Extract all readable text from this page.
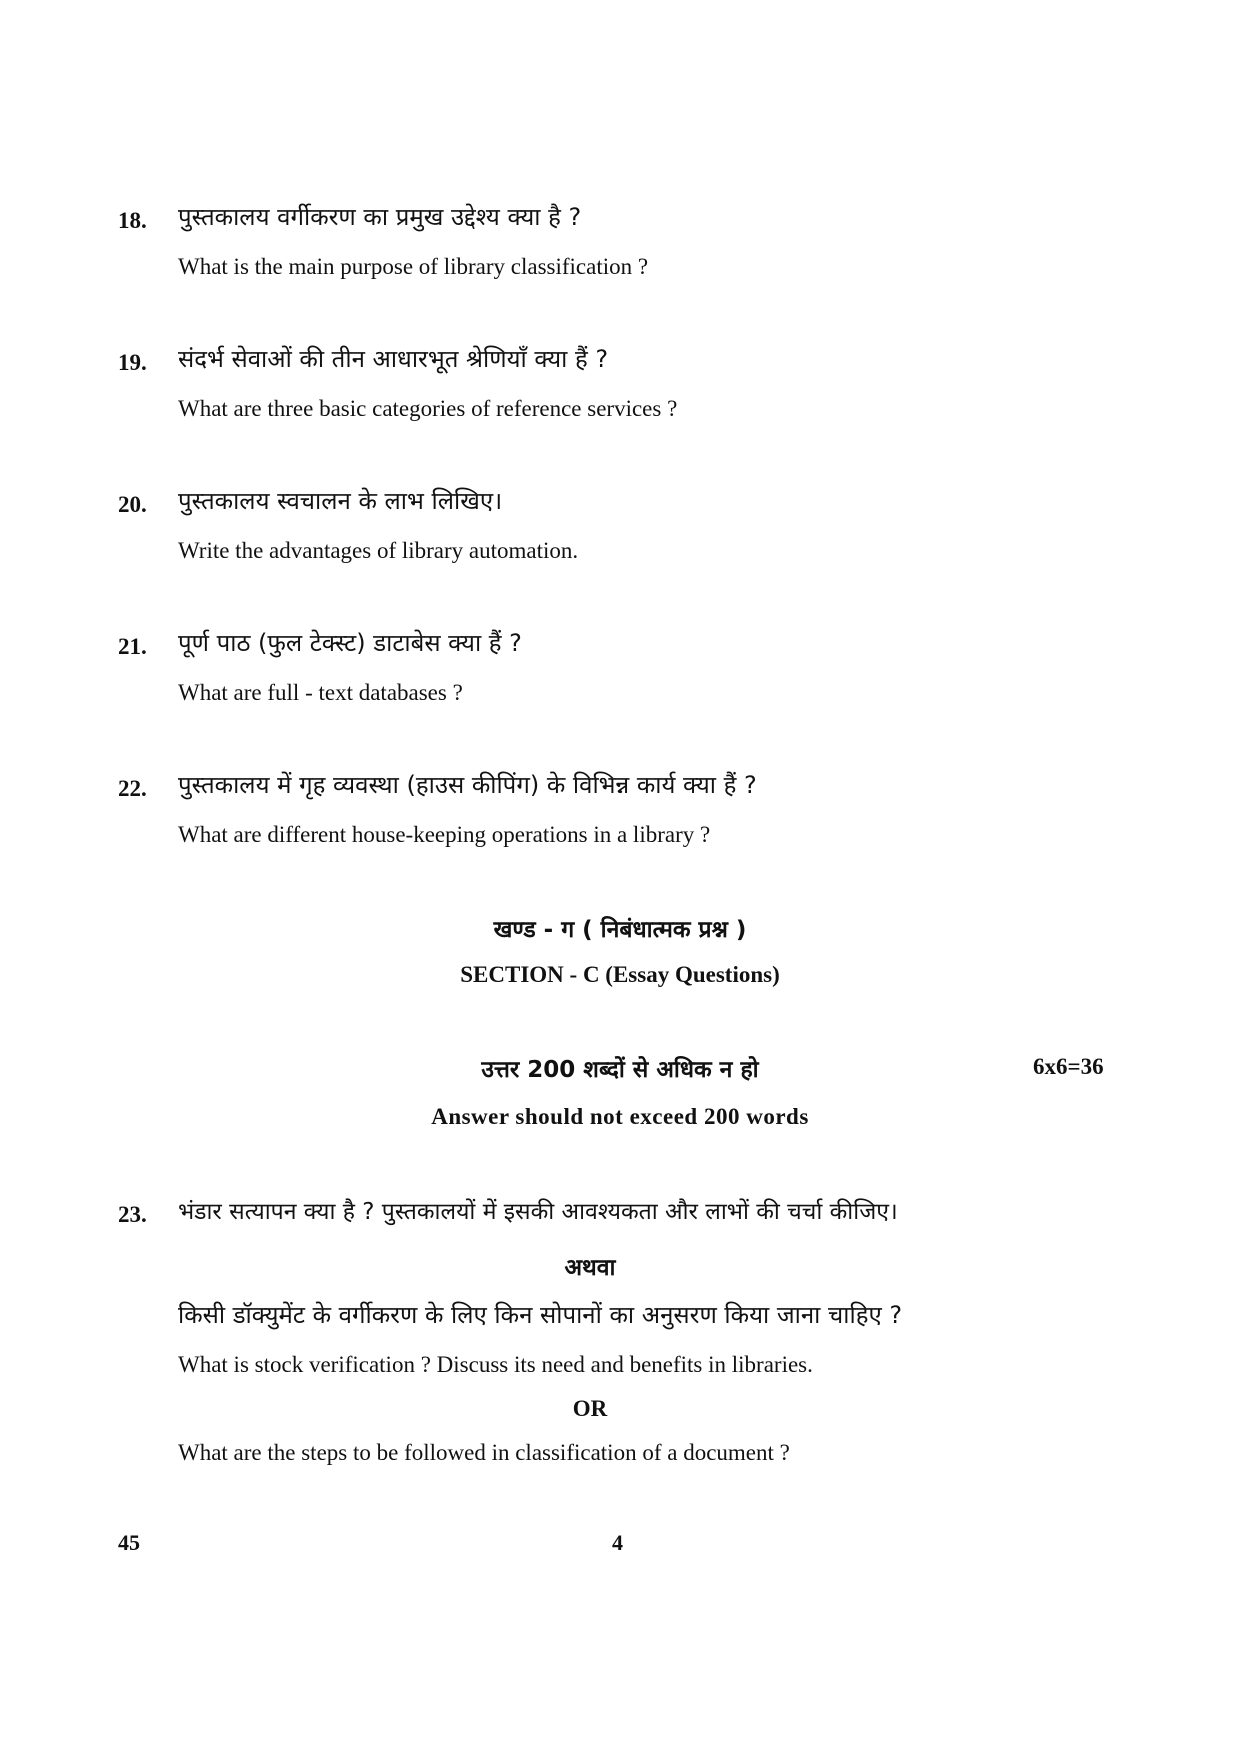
18. पुस्तकालय वर्गीकरण का प्रमुख उद्देश्य क्या है ?
What is the main purpose of library classification ?
19. संदर्भ सेवाओं की तीन आधारभूत श्रेणियाँ क्या हैं ?
What are three basic categories of reference services ?
20. पुस्तकालय स्वचालन के लाभ लिखिए।
Write the advantages of library automation.
21. पूर्ण पाठ (फुल टेक्स्ट) डाटाबेस क्या हैं ?
What are full - text databases ?
22. पुस्तकालय में गृह व्यवस्था (हाउस कीपिंग) के विभिन्न कार्य क्या हैं ?
What are different house-keeping operations in a library ?
खण्ड - ग ( निबंधात्मक प्रश्न )
SECTION - C (Essay Questions)
उत्तर 200 शब्दों से अधिक न हो	6x6=36
Answer should not exceed 200 words
23. भंडार सत्यापन क्या है ? पुस्तकालयों में इसकी आवश्यकता और लाभों की चर्चा कीजिए।
अथवा
किसी डॉक्युमेंट के वर्गीकरण के लिए किन सोपानों का अनुसरण किया जाना चाहिए ?
What is stock verification ? Discuss its need and benefits in libraries.
OR
What are the steps to be followed in classification of a document ?
45	4
